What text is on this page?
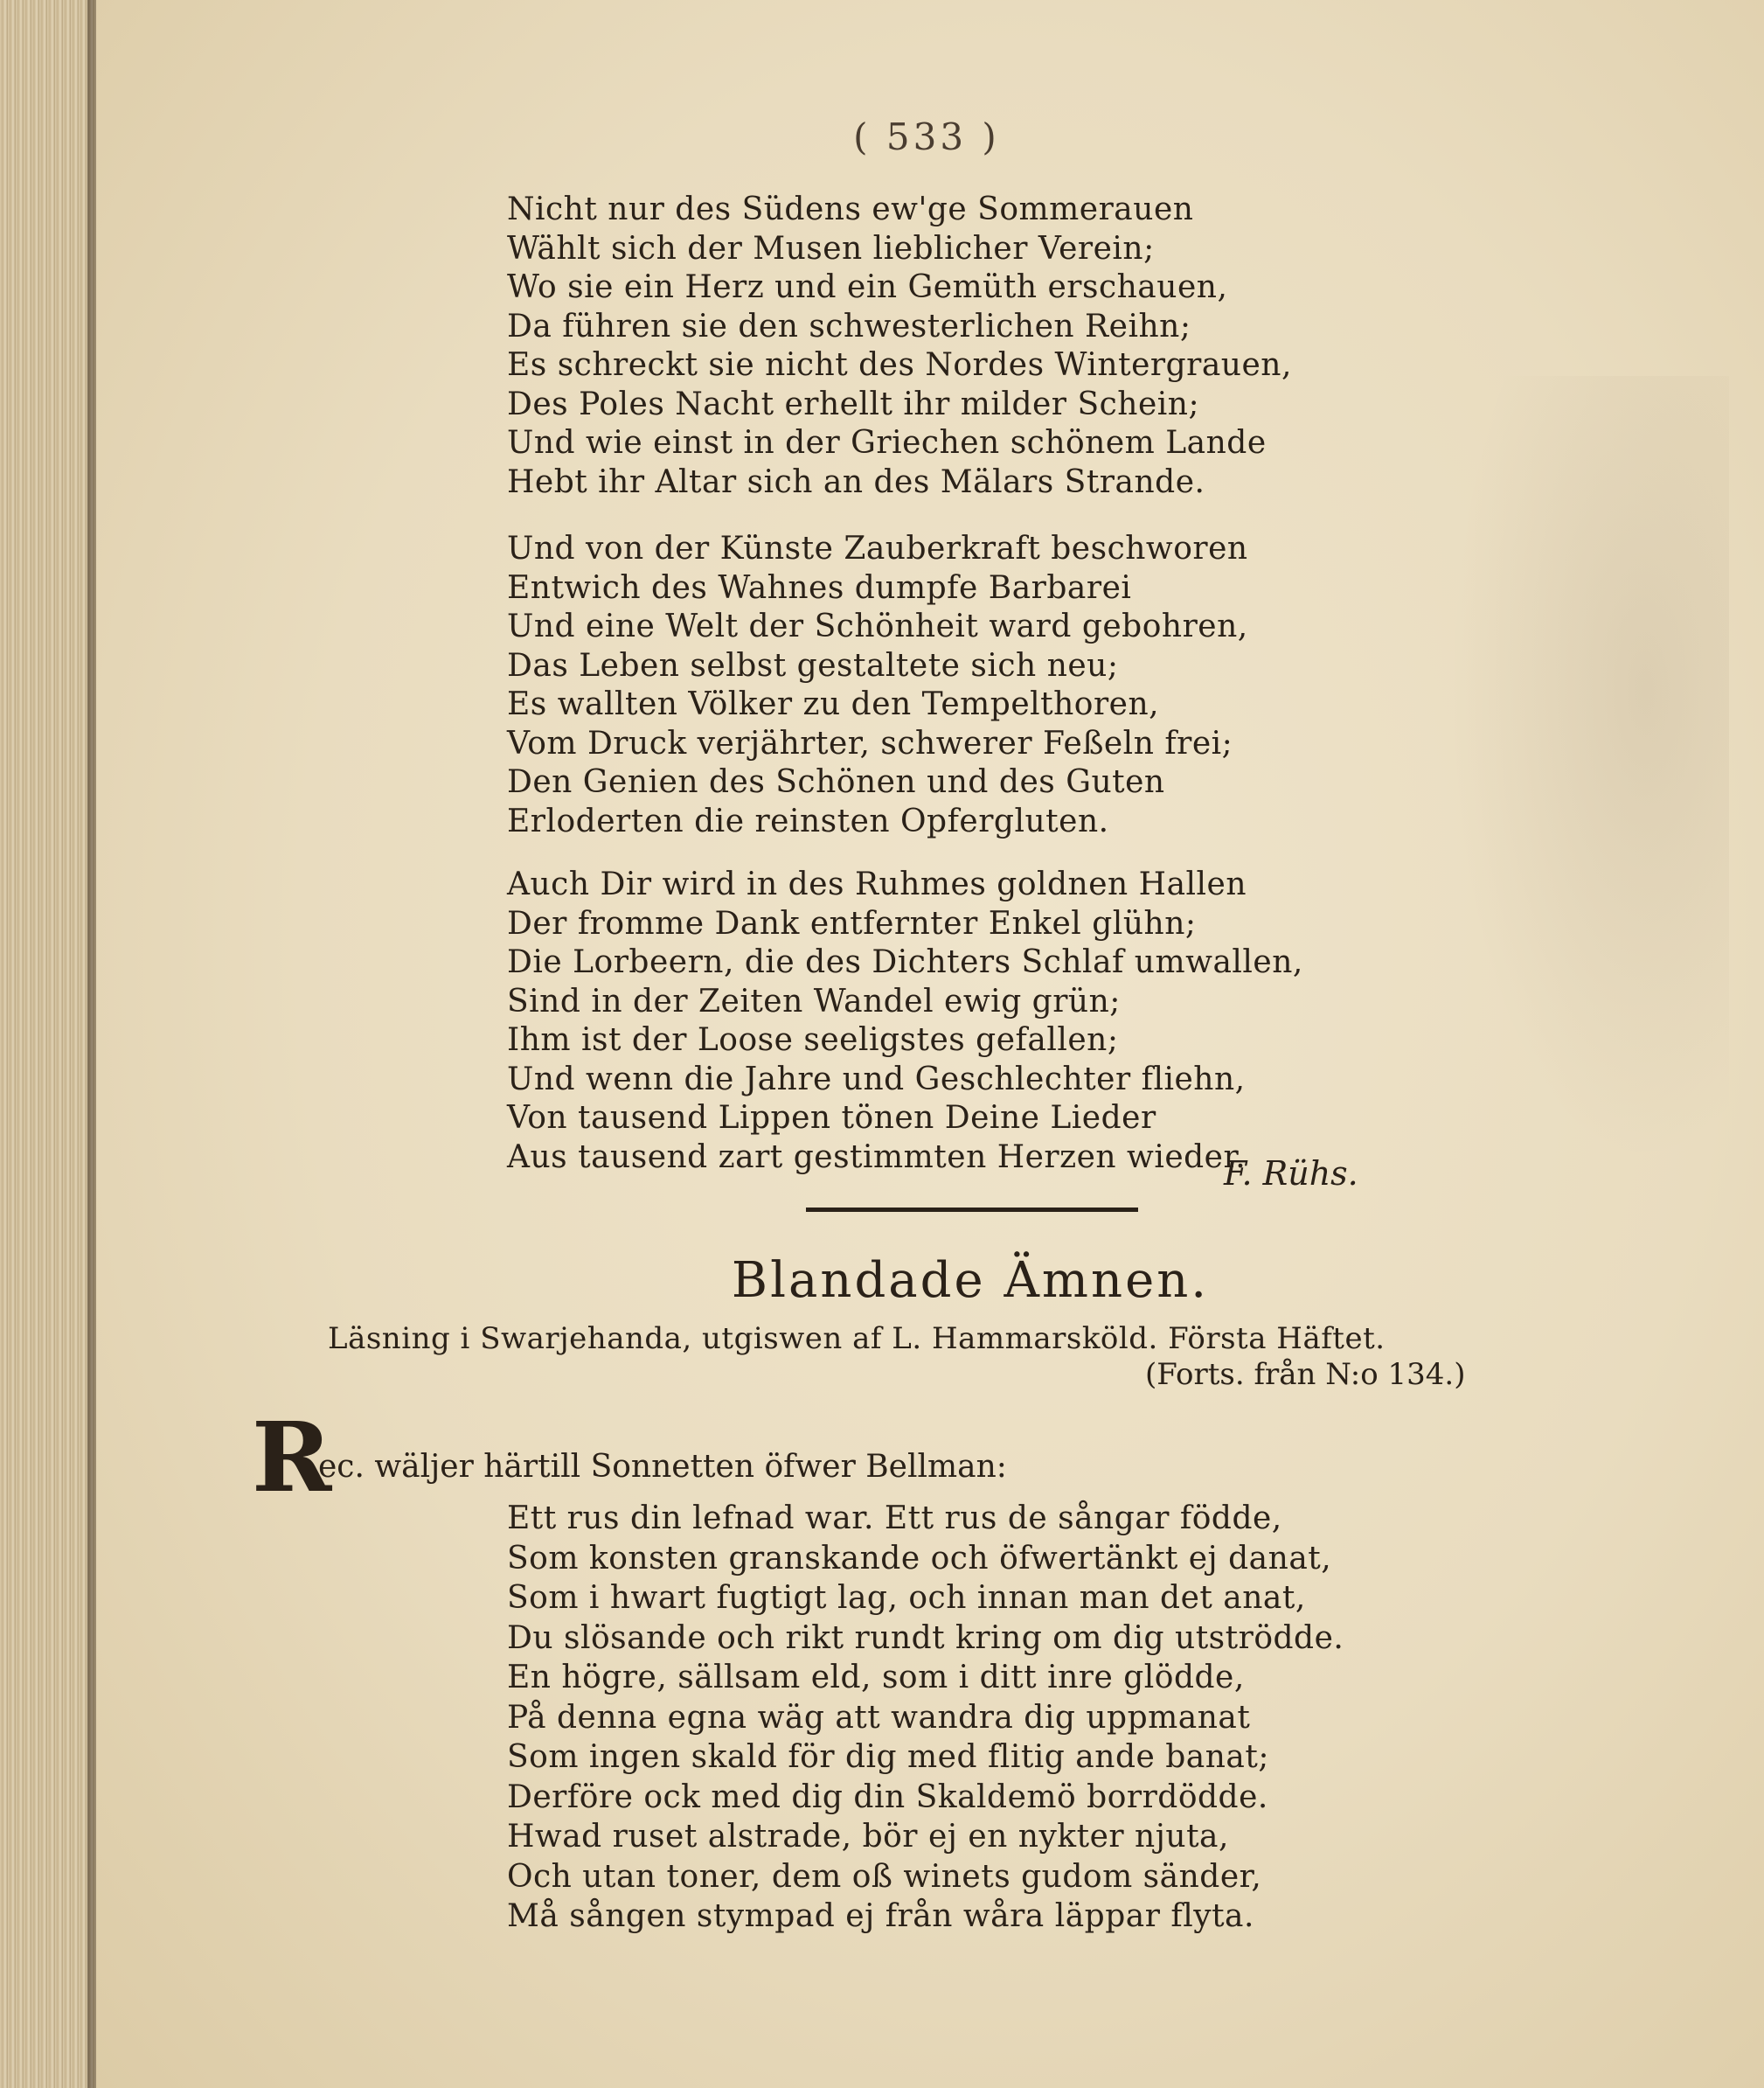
( 533 )
Nicht nur des Südens ew'ge Sommerauen
Wählt sich der Musen lieblicher Verein;
Wo sie ein Herz und ein Gemüth erschauen,
Da führen sie den schwesterlichen Reihn;
Es schreckt sie nicht des Nordes Wintergrauen,
Des Poles Nacht erhellt ihr milder Schein;
Und wie einst in der Griechen schönem Lande
Hebt ihr Altar sich an des Mälars Strande.
Und von der Künste Zauberkraft beschworen
Entwich des Wahnes dumpfe Barbarei
Und eine Welt der Schönheit ward gebohren,
Das Leben selbst gestaltete sich neu;
Es wallten Völker zu den Tempelthoren,
Vom Druck verjährter, schwerer Feßeln frei;
Den Genien des Schönen und des Guten
Erloderten die reinsten Opfergluten.
Auch Dir wird in des Ruhmes goldnen Hallen
Der fromme Dank entfernter Enkel glühn;
Die Lorbeern, die des Dichters Schlaf umwallen,
Sind in der Zeiten Wandel ewig grün;
Ihm ist der Loose seeligstes gefallen;
Und wenn die Jahre und Geschlechter fliehn,
Von tausend Lippen tönen Deine Lieder
Aus tausend zart gestimmten Herzen wieder.
F. Rühs.
Blandade Ämnen.
Läsning i Swarjehanda, utgiswen af L. Hammarsköld. Första Häftet.
(Forts. från N:o 134.)
R
ec. wäljer härtill Sonnetten öfwer Bellman:
Ett rus din lefnad war. Ett rus de sångar födde,
Som konsten granskande och öfwertänkt ej danat,
Som i hwart fugtigt lag, och innan man det anat,
Du slösande och rikt rundt kring om dig utströdde.
En högre, sällsam eld, som i ditt inre glödde,
På denna egna wäg att wandra dig uppmanat
Som ingen skald för dig med flitig ande banat;
Derföre ock med dig din Skaldemö borrdödde.
Hwad ruset alstrade, bör ej en nykter njuta,
Och utan toner, dem oß winets gudom sänder,
Må sången stympad ej från wåra läppar flyta.
